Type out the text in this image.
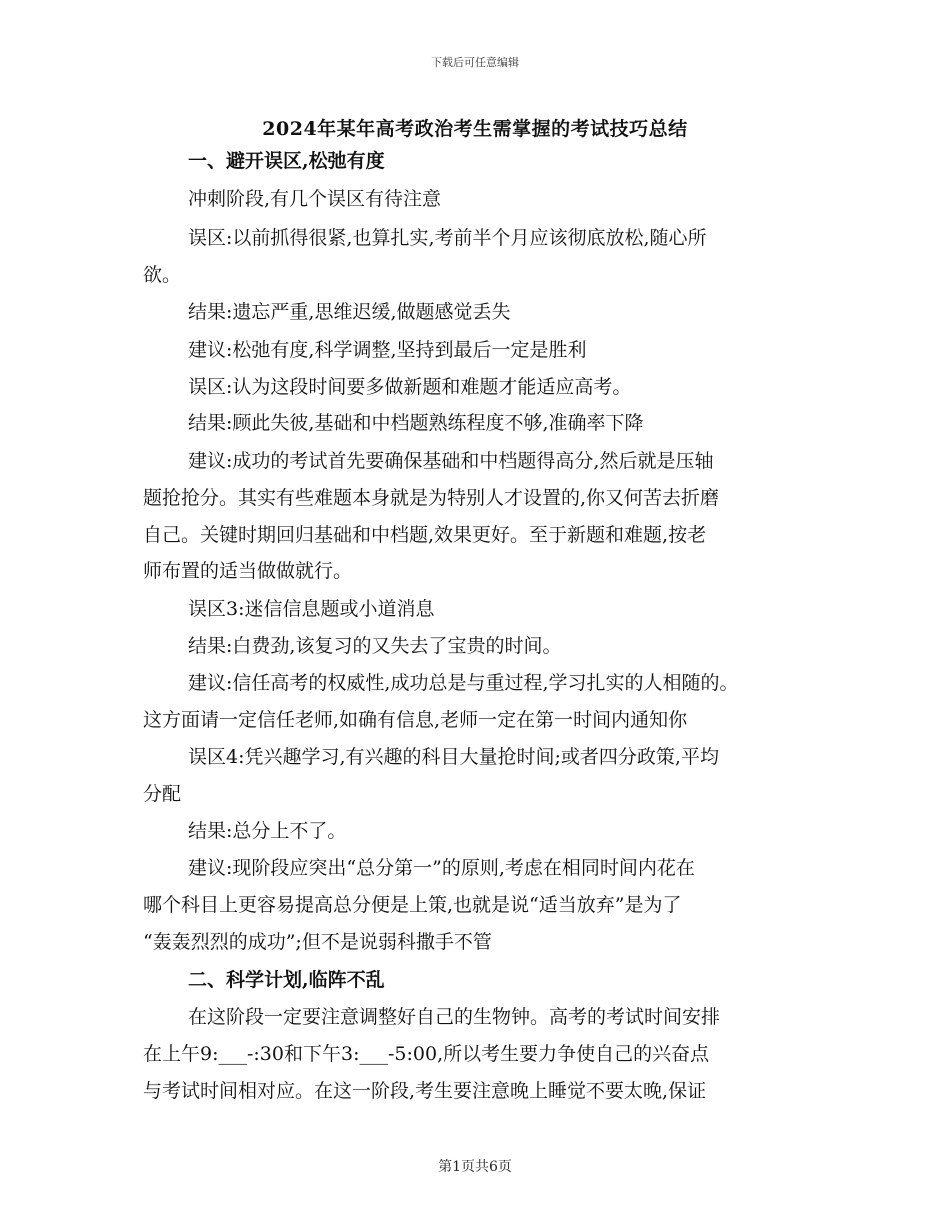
下载后可任意编辑
2024年某年高考政治考生需掌握的考试技巧总结
一、避开误区,松弛有度
冲刺阶段,有几个误区有待注意
误区:以前抓得很紧,也算扎实,考前半个月应该彻底放松,随心所
欲。
结果:遗忘严重,思维迟缓,做题感觉丢失
建议:松弛有度,科学调整,坚持到最后一定是胜利
误区:认为这段时间要多做新题和难题才能适应高考。
结果:顾此失彼,基础和中档题熟练程度不够,准确率下降
建议:成功的考试首先要确保基础和中档题得高分,然后就是压轴
题抢抢分。其实有些难题本身就是为特别人才设置的,你又何苦去折磨
自己。关键时期回归基础和中档题,效果更好。至于新题和难题,按老
师布置的适当做做就行。
误区3:迷信信息题或小道消息
结果:白费劲,该复习的又失去了宝贵的时间。
建议:信任高考的权威性,成功总是与重过程,学习扎实的人相随的。
这方面请一定信任老师,如确有信息,老师一定在第一时间内通知你
误区4:凭兴趣学习,有兴趣的科目大量抢时间;或者四分政策,平均
分配
结果:总分上不了。
建议:现阶段应突出“总分第一”的原则,考虑在相同时间内花在
哪个科目上更容易提高总分便是上策,也就是说“适当放弃”是为了
“轰轰烈烈的成功”;但不是说弱科撒手不管
二、科学计划,临阵不乱
在这阶段一定要注意调整好自己的生物钟。高考的考试时间安排
在上午9:___-:30和下午3:___-5:00,所以考生要力争使自己的兴奋点
与考试时间相对应。在这一阶段,考生要注意晚上睡觉不要太晚,保证
第1页共6页
